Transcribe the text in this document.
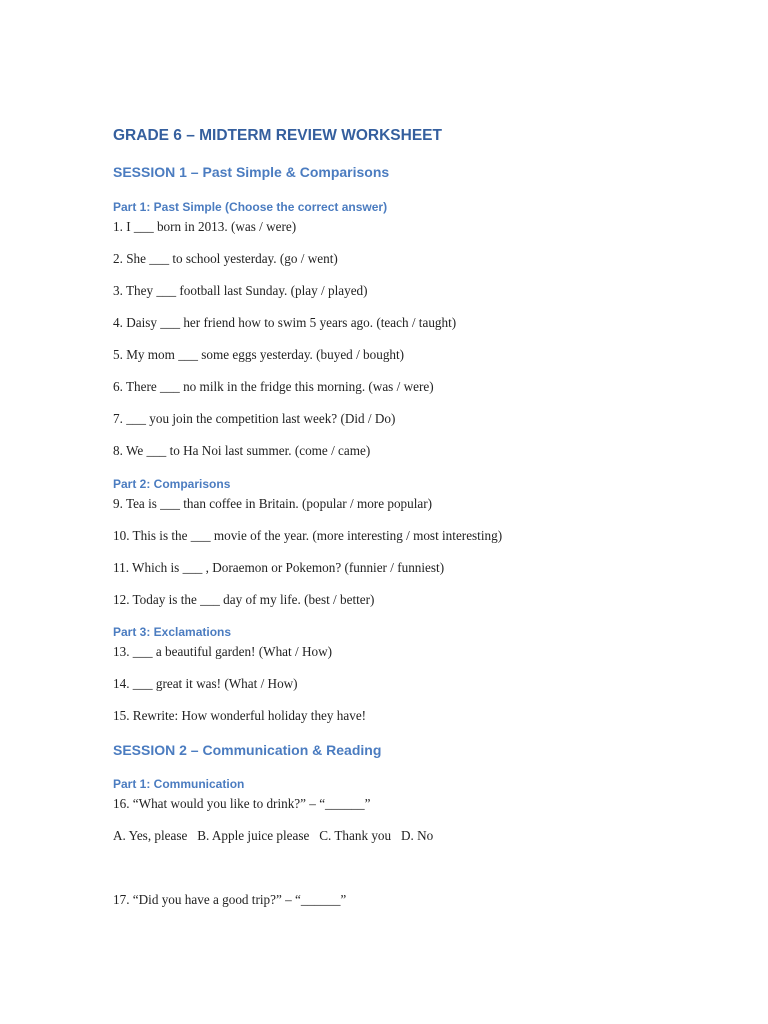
GRADE 6 – MIDTERM REVIEW WORKSHEET
SESSION 1 – Past Simple & Comparisons
Part 1: Past Simple (Choose the correct answer)

1. I ___ born in 2013. (was / were)

2. She ___ to school yesterday. (go / went)

3. They ___ football last Sunday. (play / played)

4. Daisy ___ her friend how to swim 5 years ago. (teach / taught)

5. My mom ___ some eggs yesterday. (buyed / bought)

6. There ___ no milk in the fridge this morning. (was / were)

7. ___ you join the competition last week? (Did / Do)

8. We ___ to Ha Noi last summer. (come / came)

Part 2: Comparisons

9. Tea is ___ than coffee in Britain. (popular / more popular)

10. This is the ___ movie of the year. (more interesting / most interesting)

11. Which is ___ , Doraemon or Pokemon? (funnier / funniest)

12. Today is the ___ day of my life. (best / better)

Part 3: Exclamations

13. ___ a beautiful garden! (What / How)

14. ___ great it was! (What / How)

15. Rewrite: How wonderful holiday they have!

SESSION 2 – Communication & Reading
Part 1: Communication

16. “What would you like to drink?” – “______”

A. Yes, please   B. Apple juice please   C. Thank you   D. No

17. “Did you have a good trip?” – “______”
